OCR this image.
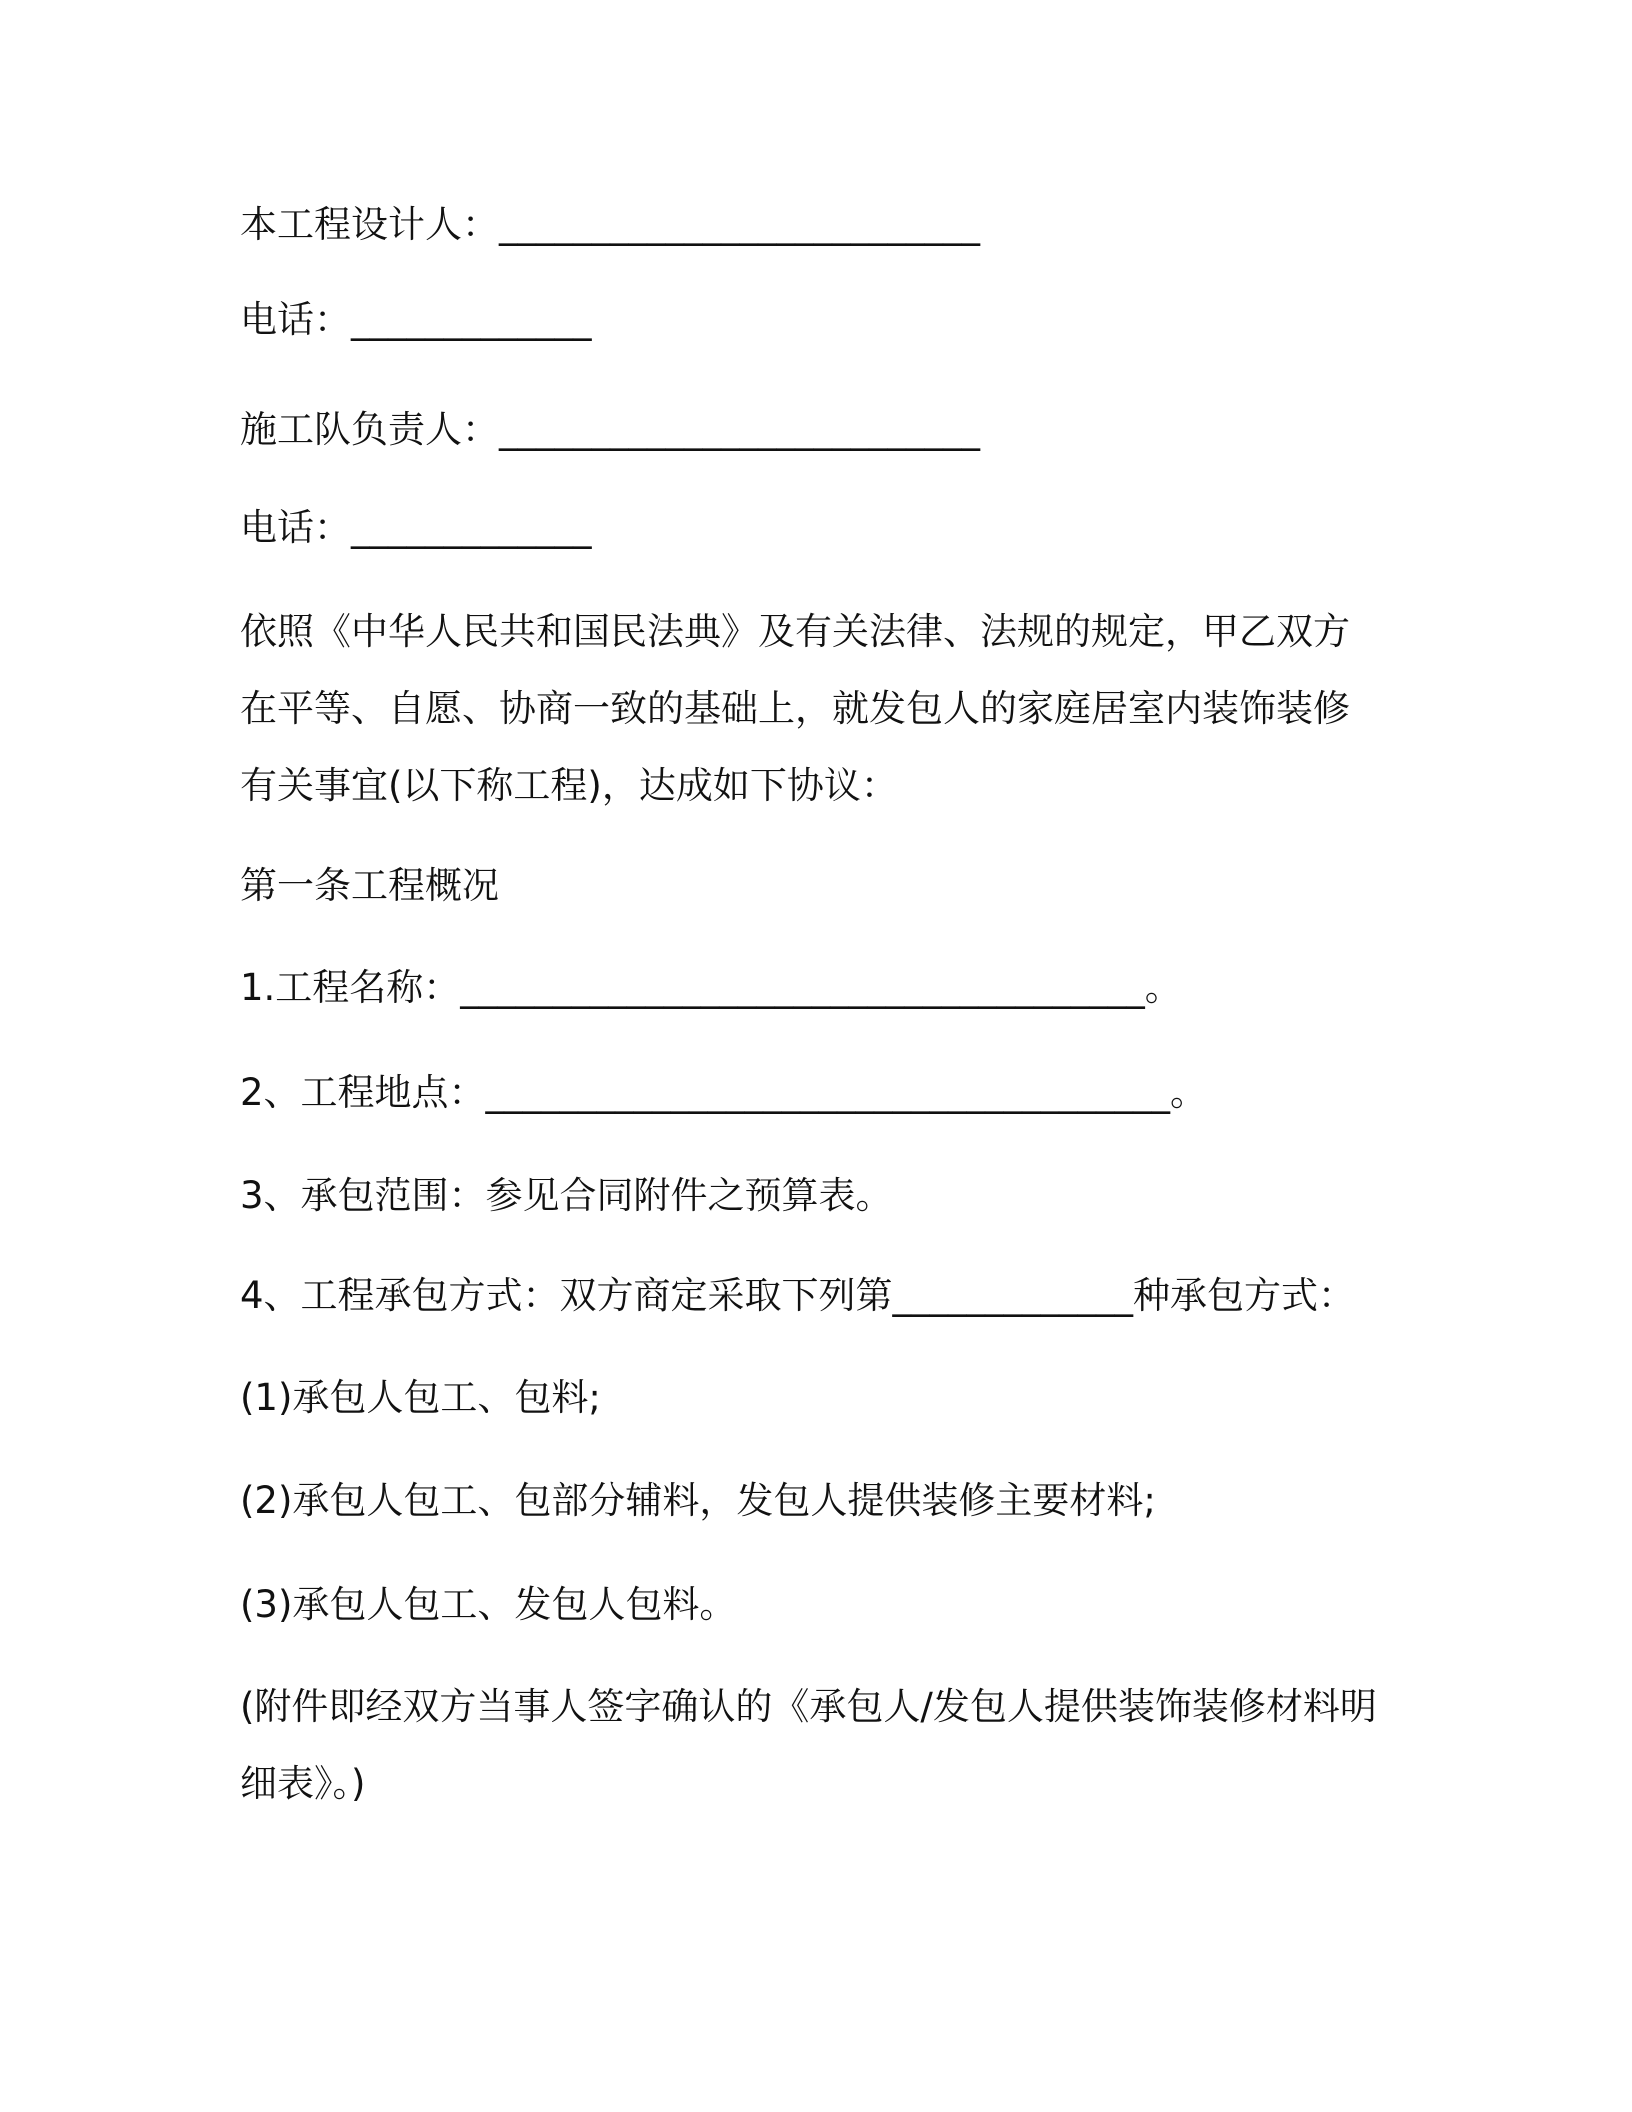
本工程设计人：__________________________
电话：_____________
施工队负责人：__________________________
电话：_____________
依照《中华人民共和国民法典》及有关法律、法规的规定，甲乙双方
在平等、自愿、协商一致的基础上，就发包人的家庭居室内装饰装修
有关事宜(以下称工程)，达成如下协议：
第一条工程概况
1.工程名称：_____________________________________。
2、工程地点：_____________________________________。
3、承包范围：参见合同附件之预算表。
4、工程承包方式：双方商定采取下列第_____________种承包方式：
(1)承包人包工、包料;
(2)承包人包工、包部分辅料，发包人提供装修主要材料;
(3)承包人包工、发包人包料。
(附件即经双方当事人签字确认的《承包人/发包人提供装饰装修材料明
细表》。)
